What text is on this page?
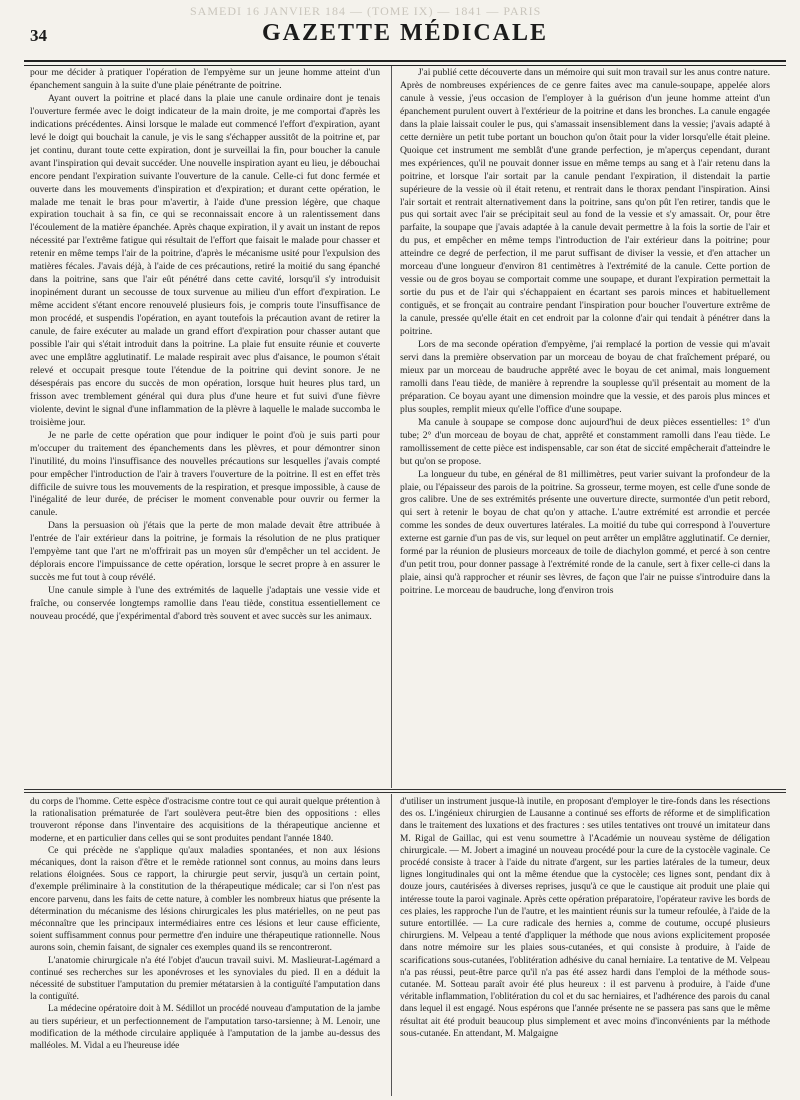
SAMEDI 16 JANVIER 184 — (TOME IX) — 1841 — PARIS
34	GAZETTE MÉDICALE

pour me décider à pratiquer l'opération de l'empyème sur un jeune homme atteint d'un épanchement sanguin à la suite d'une plaie pénétrante de poitrine.

Ayant ouvert la poitrine et placé dans la plaie une canule ordinaire dont je tenais l'ouverture fermée avec le doigt indicateur de la main droite, je me comportai d'après les indications précédentes. Ainsi lorsque le malade eut commencé l'effort d'expiration, ayant levé le doigt qui bouchait la canule, je vis le sang s'échapper aussitôt de la poitrine et, par jet continu, durant toute cette expiration, dont je surveillai la fin, pour boucher la canule avant l'inspiration qui devait succéder. Une nouvelle inspiration ayant eu lieu, je débouchai encore pendant l'expiration suivante l'ouverture de la canule. Celle-ci fut donc fermée et ouverte dans les mouvements d'inspiration et d'expiration; et durant cette opération, le malade me tenait le bras pour m'avertir, à l'aide d'une pression légère, que chaque expiration touchait à sa fin, ce qui se reconnaissait encore à un ralentissement dans l'écoulement de la matière épanchée. Après chaque expiration, il y avait un instant de repos nécessité par l'extrême fatigue qui résultait de l'effort que faisait le malade pour chasser et retenir en même temps l'air de la poitrine, d'après le mécanisme usité pour l'expulsion des matières fécales. J'avais déjà, à l'aide de ces précautions, retiré la moitié du sang épanché dans la poitrine, sans que l'air eût pénétré dans cette cavité, lorsqu'il s'y introduisit inopinément durant un secousse de toux survenue au milieu d'un effort d'expiration. Le même accident s'étant encore renouvelé plusieurs fois, je compris toute l'insuffisance de mon procédé, et suspendis l'opération, en ayant toutefois la précaution avant de retirer la canule, de faire exécuter au malade un grand effort d'expiration pour chasser autant que possible l'air qui s'était introduit dans la poitrine. La plaie fut ensuite réunie et couverte avec une emplâtre agglutinatif. Le malade respirait avec plus d'aisance, le poumon s'était relevé et occupait presque toute l'étendue de la poitrine qui devint sonore. Je ne désespérais pas encore du succès de mon opération, lorsque huit heures plus tard, un frisson avec tremblement général qui dura plus d'une heure et fut suivi d'une fièvre violente, devint le signal d'une inflammation de la plèvre à laquelle le malade succomba le troisième jour.

Je ne parle de cette opération que pour indiquer le point d'où je suis parti pour m'occuper du traitement des épanchements dans les plèvres, et pour démontrer sinon l'inutilité, du moins l'insuffisance des nouvelles précautions sur lesquelles j'avais compté pour empêcher l'introduction de l'air à travers l'ouverture de la poitrine. Il est en effet très difficile de suivre tous les mouvements de la respiration, et presque impossible, à cause de l'inégalité de leur durée, de préciser le moment convenable pour ouvrir ou fermer la canule.

Dans la persuasion où j'étais que la perte de mon malade devait être attribuée à l'entrée de l'air extérieur dans la poitrine, je formais la résolution de ne plus pratiquer l'empyème tant que l'art ne m'offrirait pas un moyen sûr d'empêcher un tel accident. Je déplorais encore l'impuissance de cette opération, lorsque le secret propre à en assurer le succès me fut tout à coup révélé.

Une canule simple à l'une des extrémités de laquelle j'adaptais une vessie vide et fraîche, ou conservée longtemps ramollie dans l'eau tiède, constitua essentiellement ce nouveau procédé, que j'expérimental d'abord très souvent et avec succès sur les animaux.

J'ai publié cette découverte dans un mémoire qui suit mon travail sur les anus contre nature. Après de nombreuses expériences de ce genre faites avec ma canule-soupape, appelée alors canule à vessie, j'eus occasion de l'employer à la guérison d'un jeune homme atteint d'un épanchement purulent ouvert à l'extérieur de la poitrine et dans les bronches. La canule engagée dans la plaie laissait couler le pus, qui s'amassait insensiblement dans la vessie; j'avais adapté à cette dernière un petit tube portant un bouchon qu'on ôtait pour la vider lorsqu'elle était pleine. Quoique cet instrument me semblât d'une grande perfection, je m'aperçus cependant, durant mes expériences, qu'il ne pouvait donner issue en même temps au sang et à l'air retenu dans la poitrine, et lorsque l'air sortait par la canule pendant l'expiration, il distendait la partie supérieure de la vessie où il était retenu, et rentrait dans le thorax pendant l'inspiration. Ainsi l'air sortait et rentrait alternativement dans la poitrine, sans qu'on pût l'en retirer, tandis que le pus qui sortait avec l'air se précipitait seul au fond de la vessie et s'y amassait. Or, pour être parfaite, la soupape que j'avais adaptée à la canule devait permettre à la fois la sortie de l'air et du pus, et empêcher en même temps l'introduction de l'air extérieur dans la poitrine; pour atteindre ce degré de perfection, il me parut suffisant de diviser la vessie, et d'en attacher un morceau d'une longueur d'environ 81 centimètres à l'extrémité de la canule. Cette portion de vessie ou de gros boyau se comportait comme une soupape, et durant l'expiration permettait la sortie du pus et de l'air qui s'échappaient en écartant ses parois minces et habituellement contiguës, et se fronçait au contraire pendant l'inspiration pour boucher l'ouverture extrême de la canule, pressée qu'elle était en cet endroit par la colonne d'air qui tendait à pénétrer dans la poitrine.

Lors de ma seconde opération d'empyème, j'ai remplacé la portion de vessie qui m'avait servi dans la première observation par un morceau de boyau de chat fraîchement préparé, ou mieux par un morceau de baudruche apprêté avec le boyau de cet animal, mais longuement ramolli dans l'eau tiède, de manière à reprendre la souplesse qu'il présentait au moment de la préparation. Ce boyau ayant une dimension moindre que la vessie, et des parois plus minces et plus souples, remplit mieux qu'elle l'office d'une soupape.

Ma canule à soupape se compose donc aujourd'hui de deux pièces essentielles: 1° d'un tube; 2° d'un morceau de boyau de chat, apprêté et constamment ramolli dans l'eau tiède. Le ramollissement de cette pièce est indispensable, car son état de siccité empêcherait d'atteindre le but qu'on se propose.

La longueur du tube, en général de 81 millimètres, peut varier suivant la profondeur de la plaie, ou l'épaisseur des parois de la poitrine. Sa grosseur, terme moyen, est celle d'une sonde de gros calibre. Une de ses extrémités présente une ouverture directe, surmontée d'un petit rebord, qui sert à retenir le boyau de chat qu'on y attache. L'autre extrémité est arrondie et percée comme les sondes de deux ouvertures latérales. La moitié du tube qui correspond à l'ouverture externe est garnie d'un pas de vis, sur lequel on peut arrêter un emplâtre agglutinatif. Ce dernier, formé par la réunion de plusieurs morceaux de toile de diachylon gommé, et percé à son centre d'un petit trou, pour donner passage à l'extrémité ronde de la canule, sert à fixer celle-ci dans la plaie, ainsi qu'à rapprocher et réunir ses lèvres, de façon que l'air ne puisse s'introduire dans la poitrine. Le morceau de baudruche, long d'environ trois

du corps de l'homme. Cette espèce d'ostracisme contre tout ce qui aurait quelque prétention à la rationalisation prématurée de l'art soulèvera peut-être bien des oppositions : elles trouveront réponse dans l'inventaire des acquisitions de la thérapeutique ancienne et moderne, et en particulier dans celles qui se sont produites pendant l'année 1840.

Ce qui précède ne s'applique qu'aux maladies spontanées, et non aux lésions mécaniques, dont la raison d'être et le remède rationnel sont connus, au moins dans leurs relations éloignées. Sous ce rapport, la chirurgie peut servir, jusqu'à un certain point, d'exemple préliminaire à la constitution de la thérapeutique médicale; car si l'on n'est pas encore parvenu, dans les faits de cette nature, à combler les nombreux hiatus que présente la détermination du mécanisme des lésions chirurgicales les plus matérielles, on ne peut pas méconnaître que les principaux intermédiaires entre ces lésions et leur cause efficiente, soient suffisamment connus pour permettre d'en induire une thérapeutique rationnelle. Nous aurons soin, chemin faisant, de signaler ces exemples quand ils se rencontreront.

L'anatomie chirurgicale n'a été l'objet d'aucun travail suivi. M. Maslieurat-Lagémard a continué ses recherches sur les aponévroses et les synoviales du pied. Il en a déduit la nécessité de substituer l'amputation du premier métatarsien à la contiguïté l'amputation dans la contiguïté.

La médecine opératoire doit à M. Sédillot un procédé nouveau d'amputation de la jambe au tiers supérieur, et un perfectionnement de l'amputation tarso-tarsienne; à M. Lenoir, une modification de la méthode circulaire appliquée à l'amputation de la jambe au-dessus des malléoles. M. Vidal a eu l'heureuse idée

d'utiliser un instrument jusque-là inutile, en proposant d'employer le tire-fonds dans les résections des os. L'ingénieux chirurgien de Lausanne a continué ses efforts de réforme et de simplification dans le traitement des luxations et des fractures : ses utiles tentatives ont trouvé un imitateur dans M. Rigal de Gaillac, qui est venu soumettre à l'Académie un nouveau système de déligation chirurgicale. — M. Jobert a imaginé un nouveau procédé pour la cure de la cystocèle vaginale. Ce procédé consiste à tracer à l'aide du nitrate d'argent, sur les parties latérales de la tumeur, deux lignes longitudinales qui ont la même étendue que la cystocèle; ces lignes sont, pendant dix à douze jours, cautérisées à diverses reprises, jusqu'à ce que le caustique ait produit une plaie qui intéresse toute la paroi vaginale. Après cette opération préparatoire, l'opérateur ravive les bords de ces plaies, les rapproche l'un de l'autre, et les maintient réunis sur la tumeur refoulée, à l'aide de la suture entortillée. — La cure radicale des hernies a, comme de coutume, occupé plusieurs chirurgiens. M. Velpeau a tenté d'appliquer la méthode que nous avions explicitement proposée dans notre mémoire sur les plaies sous-cutanées, et qui consiste à produire, à l'aide de scarifications sous-cutanées, l'oblitération adhésive du canal herniaire. La tentative de M. Velpeau n'a pas réussi, peut-être parce qu'il n'a pas été assez hardi dans l'emploi de la méthode sous-cutanée. M. Sotteau paraît avoir été plus heureux : il est parvenu à produire, à l'aide d'une véritable inflammation, l'oblitération du col et du sac herniaires, et l'adhérence des parois du canal dans lequel il est engagé. Nous espérons que l'année présente ne se passera pas sans que le même résultat ait été produit beaucoup plus simplement et avec moins d'inconvénients par la méthode sous-cutanée. En attendant, M. Malgaigne
